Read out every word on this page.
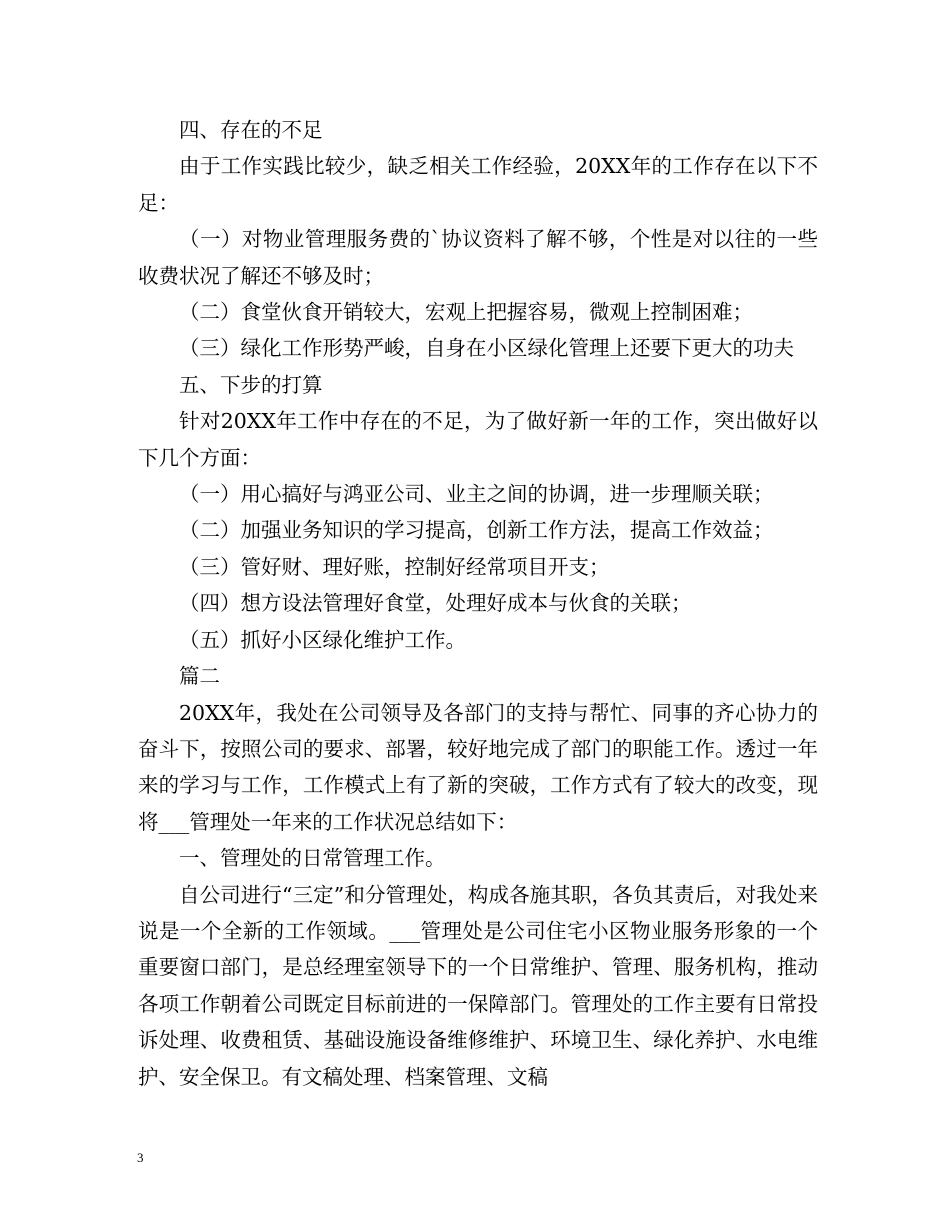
四、存在的不足

由于工作实践比较少，缺乏相关工作经验，20XX年的工作存在以下不足：

（一）对物业管理服务费的`协议资料了解不够，个性是对以往的一些收费状况了解还不够及时；

（二）食堂伙食开销较大，宏观上把握容易，微观上控制困难；

（三）绿化工作形势严峻，自身在小区绿化管理上还要下更大的功夫

五、下步的打算

针对20XX年工作中存在的不足，为了做好新一年的工作，突出做好以下几个方面：

（一）用心搞好与鸿亚公司、业主之间的协调，进一步理顺关联；

（二）加强业务知识的学习提高，创新工作方法，提高工作效益；

（三）管好财、理好账，控制好经常项目开支；

（四）想方设法管理好食堂，处理好成本与伙食的关联；

（五）抓好小区绿化维护工作。

篇二

20XX年，我处在公司领导及各部门的支持与帮忙、同事的齐心协力的奋斗下，按照公司的要求、部署，较好地完成了部门的职能工作。透过一年来的学习与工作，工作模式上有了新的突破，工作方式有了较大的改变，现将___管理处一年来的工作状况总结如下：

一、管理处的日常管理工作。

自公司进行“三定”和分管理处，构成各施其职，各负其责后，对我处来说是一个全新的工作领域。___管理处是公司住宅小区物业服务形象的一个重要窗口部门，是总经理室领导下的一个日常维护、管理、服务机构，推动各项工作朝着公司既定目标前进的一保障部门。管理处的工作主要有日常投诉处理、收费租赁、基础设施设备维修维护、环境卫生、绿化养护、水电维护、安全保卫。有文稿处理、档案管理、文稿

3
